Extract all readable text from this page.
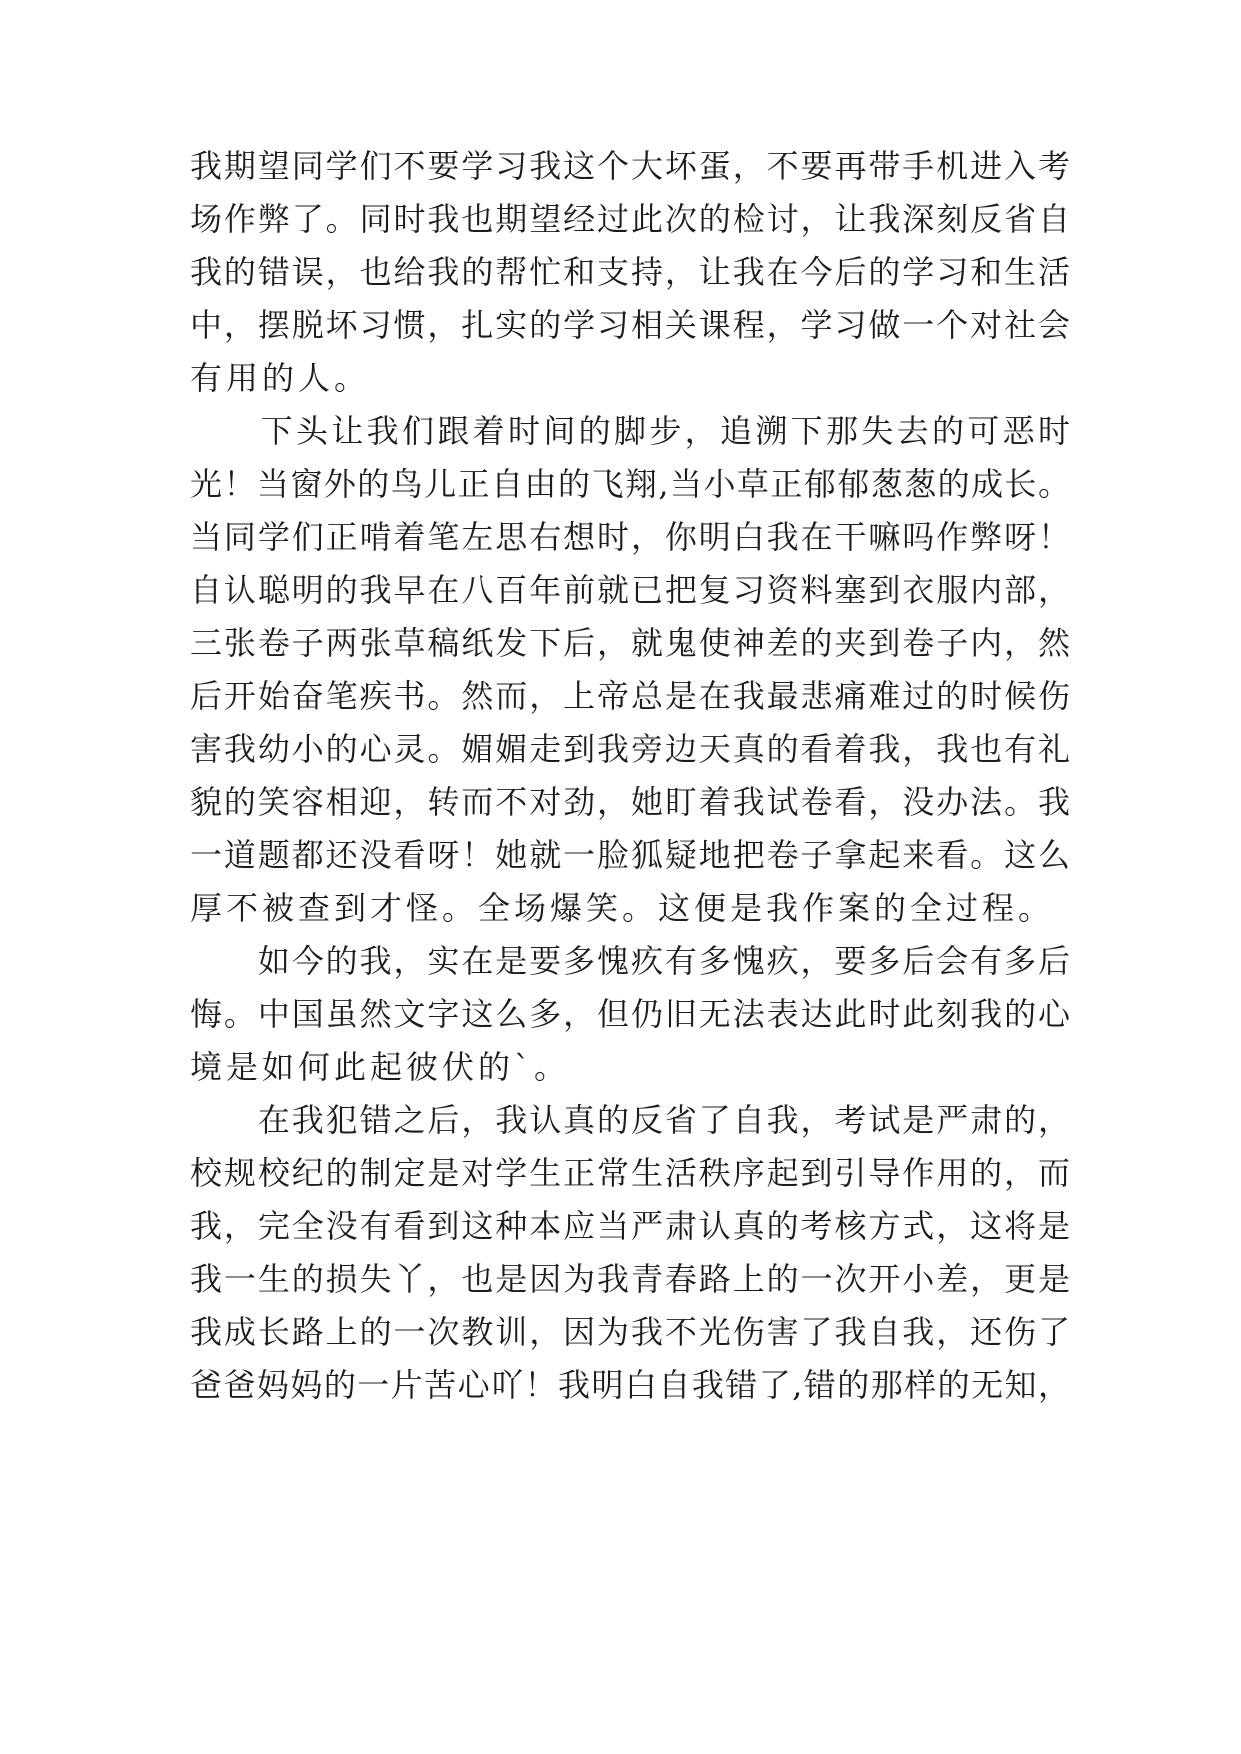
我期望同学们不要学习我这个大坏蛋，不要再带手机进入考
场作弊了。同时我也期望经过此次的检讨，让我深刻反省自
我的错误，也给我的帮忙和支持，让我在今后的学习和生活
中，摆脱坏习惯，扎实的学习相关课程，学习做一个对社会
有用的人。
　　下头让我们跟着时间的脚步，追溯下那失去的可恶时
光！当窗外的鸟儿正自由的飞翔,当小草正郁郁葱葱的成长。
当同学们正啃着笔左思右想时，你明白我在干嘛吗作弊呀！
自认聪明的我早在八百年前就已把复习资料塞到衣服内部，
三张卷子两张草稿纸发下后，就鬼使神差的夹到卷子内，然
后开始奋笔疾书。然而，上帝总是在我最悲痛难过的时候伤
害我幼小的心灵。媚媚走到我旁边天真的看着我，我也有礼
貌的笑容相迎，转而不对劲，她盯着我试卷看，没办法。我
一道题都还没看呀！她就一脸狐疑地把卷子拿起来看。这么
厚不被查到才怪。全场爆笑。这便是我作案的全过程。
　　如今的我，实在是要多愧疚有多愧疚，要多后会有多后
悔。中国虽然文字这么多，但仍旧无法表达此时此刻我的心
境是如何此起彼伏的`。
　　在我犯错之后，我认真的反省了自我，考试是严肃的，
校规校纪的制定是对学生正常生活秩序起到引导作用的，而
我，完全没有看到这种本应当严肃认真的考核方式，这将是
我一生的损失丫，也是因为我青春路上的一次开小差，更是
我成长路上的一次教训，因为我不光伤害了我自我，还伤了
爸爸妈妈的一片苦心吖！我明白自我错了,错的那样的无知，
